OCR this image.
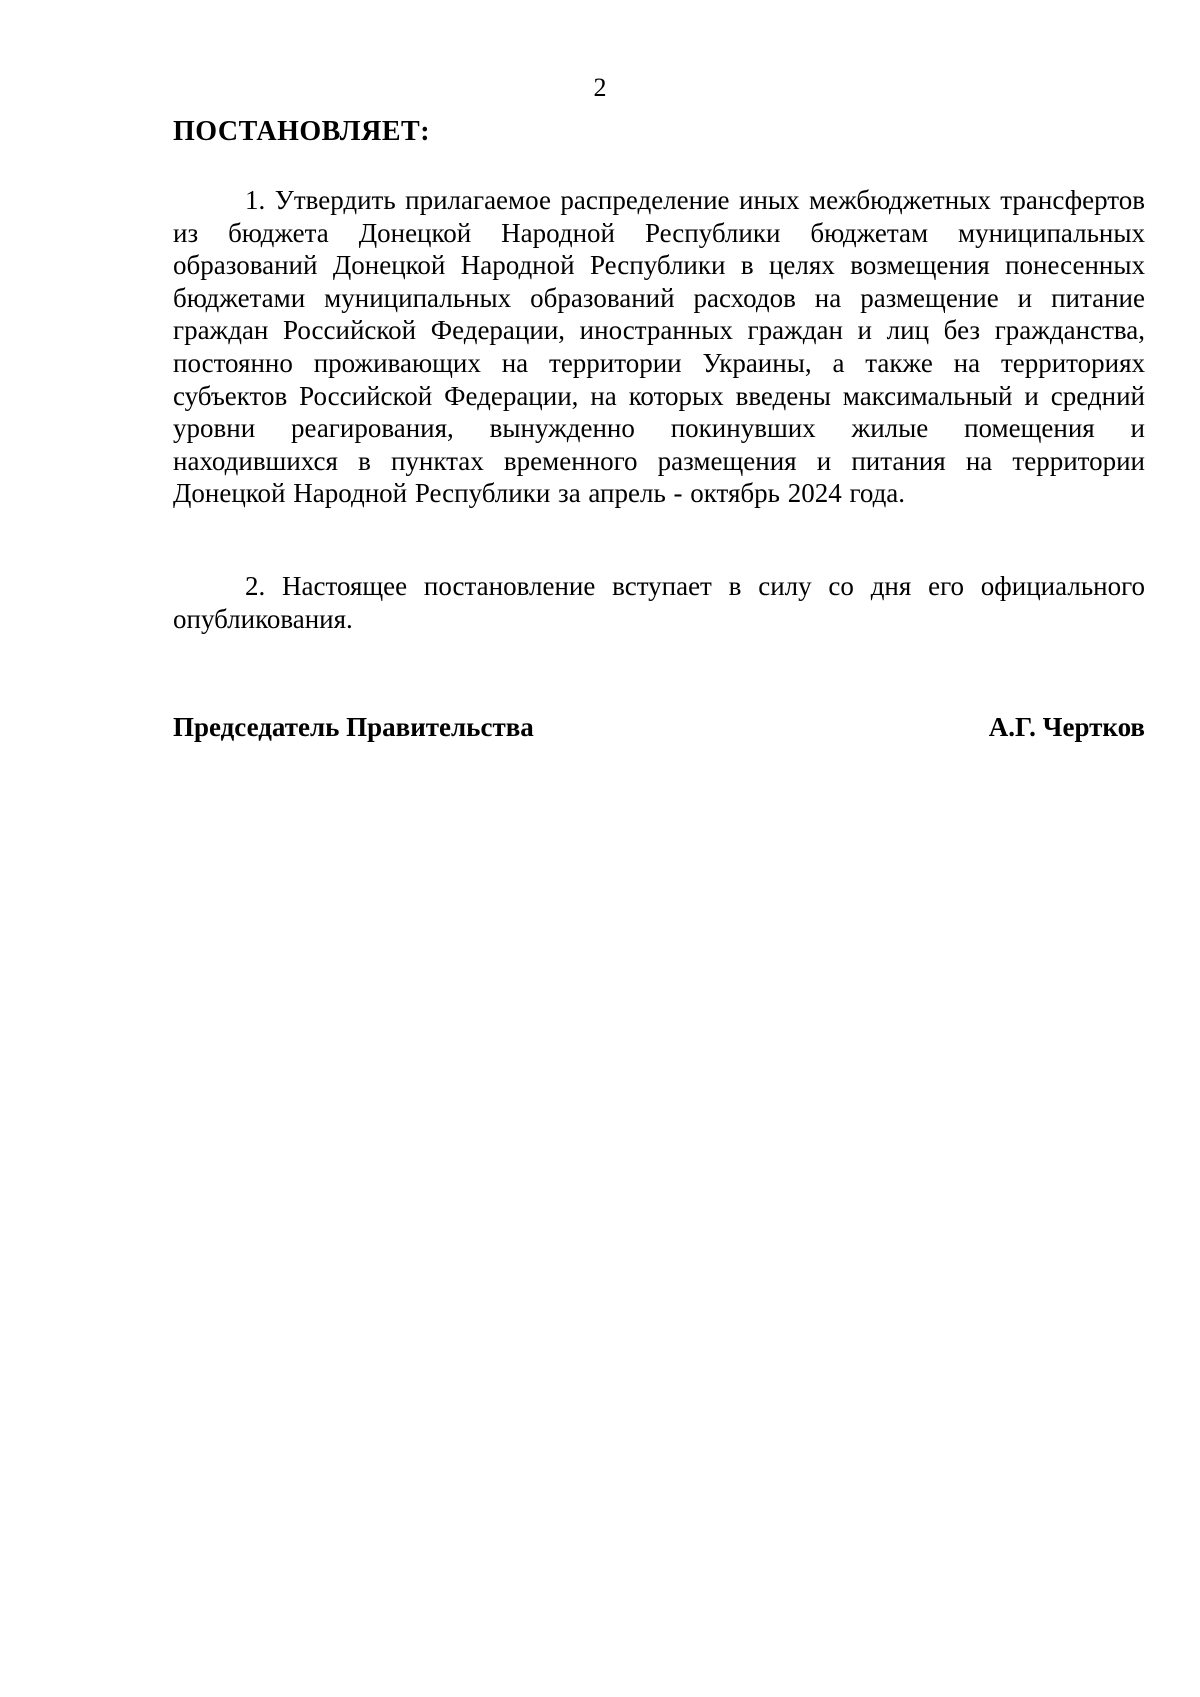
2

ПОСТАНОВЛЯЕТ:

1. Утвердить прилагаемое распределение иных межбюджетных трансфертов из бюджета Донецкой Народной Республики бюджетам муниципальных образований Донецкой Народной Республики в целях возмещения понесенных бюджетами муниципальных образований расходов на размещение и питание граждан Российской Федерации, иностранных граждан и лиц без гражданства, постоянно проживающих на территории Украины, а также на территориях субъектов Российской Федерации, на которых введены максимальный и средний уровни реагирования, вынужденно покинувших жилые помещения и находившихся в пунктах временного размещения и питания на территории Донецкой Народной Республики за апрель - октябрь 2024 года.

2. Настоящее постановление вступает в силу со дня его официального опубликования.

Председатель Правительства	А.Г. Чертков
